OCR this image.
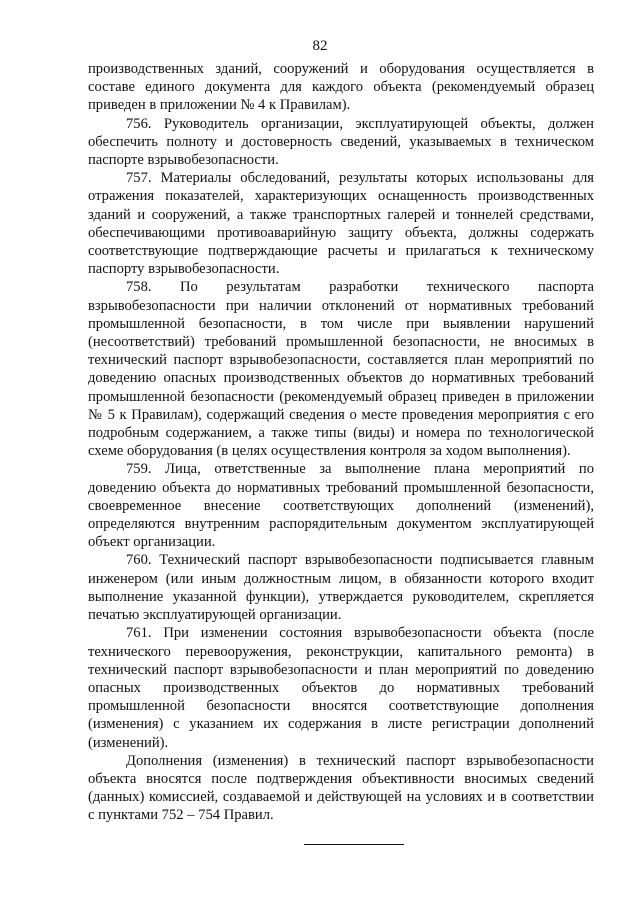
82

производственных зданий, сооружений и оборудования осуществляется в составе единого документа для каждого объекта (рекомендуемый образец приведен в приложении № 4 к Правилам).

756. Руководитель организации, эксплуатирующей объекты, должен обеспечить полноту и достоверность сведений, указываемых в техническом паспорте взрывобезопасности.

757. Материалы обследований, результаты которых использованы для отражения показателей, характеризующих оснащенность производственных зданий и сооружений, а также транспортных галерей и тоннелей средствами, обеспечивающими противоаварийную защиту объекта, должны содержать соответствующие подтверждающие расчеты и прилагаться к техническому паспорту взрывобезопасности.

758. По результатам разработки технического паспорта взрывобезопасности при наличии отклонений от нормативных требований промышленной безопасности, в том числе при выявлении нарушений (несоответствий) требований промышленной безопасности, не вносимых в технический паспорт взрывобезопасности, составляется план мероприятий по доведению опасных производственных объектов до нормативных требований промышленной безопасности (рекомендуемый образец приведен в приложении № 5 к Правилам), содержащий сведения о месте проведения мероприятия с его подробным содержанием, а также типы (виды) и номера по технологической схеме оборудования (в целях осуществления контроля за ходом выполнения).

759. Лица, ответственные за выполнение плана мероприятий по доведению объекта до нормативных требований промышленной безопасности, своевременное внесение соответствующих дополнений (изменений), определяются внутренним распорядительным документом эксплуатирующей объект организации.

760. Технический паспорт взрывобезопасности подписывается главным инженером (или иным должностным лицом, в обязанности которого входит выполнение указанной функции), утверждается руководителем, скрепляется печатью эксплуатирующей организации.

761. При изменении состояния взрывобезопасности объекта (после технического перевооружения, реконструкции, капитального ремонта) в технический паспорт взрывобезопасности и план мероприятий по доведению опасных производственных объектов до нормативных требований промышленной безопасности вносятся соответствующие дополнения (изменения) с указанием их содержания в листе регистрации дополнений (изменений).

Дополнения (изменения) в технический паспорт взрывобезопасности объекта вносятся после подтверждения объективности вносимых сведений (данных) комиссией, создаваемой и действующей на условиях и в соответствии с пунктами 752 – 754 Правил.
